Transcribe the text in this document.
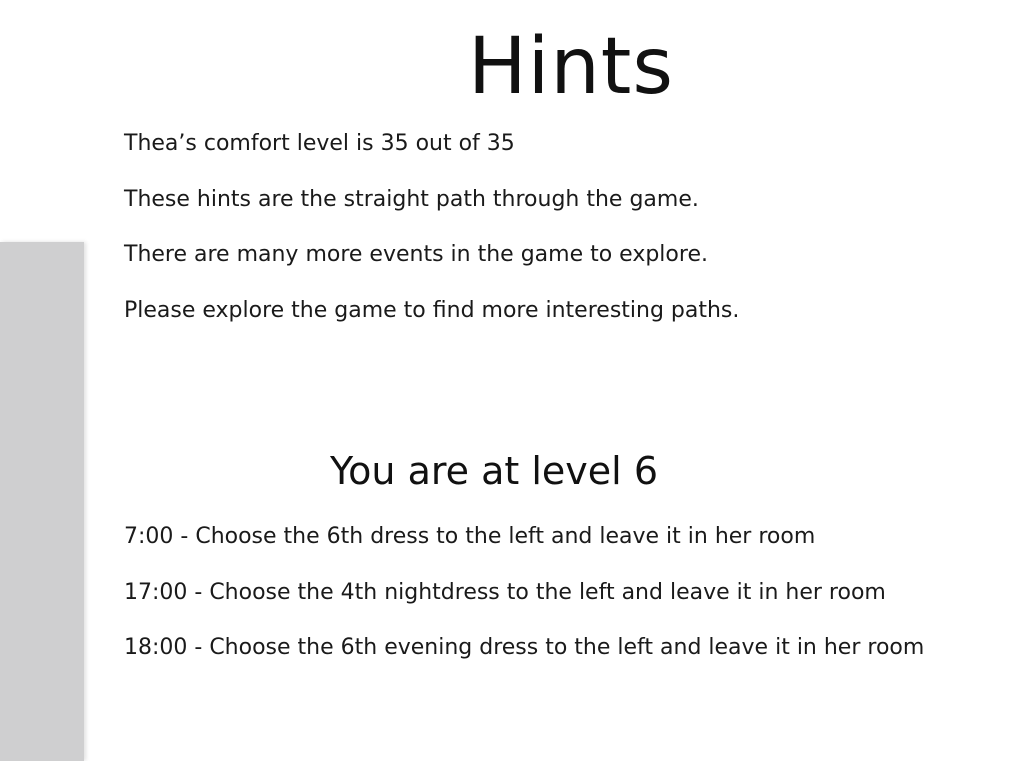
Hints

Thea’s comfort level is 35 out of 35

These hints are the straight path through the game.

There are many more events in the game to explore.

Please explore the game to find more interesting paths.

You are at level 6

7:00 - Choose the 6th dress to the left and leave it in her room

17:00 - Choose the 4th nightdress to the left and leave it in her room

18:00 - Choose the 6th evening dress to the left and leave it in her room
